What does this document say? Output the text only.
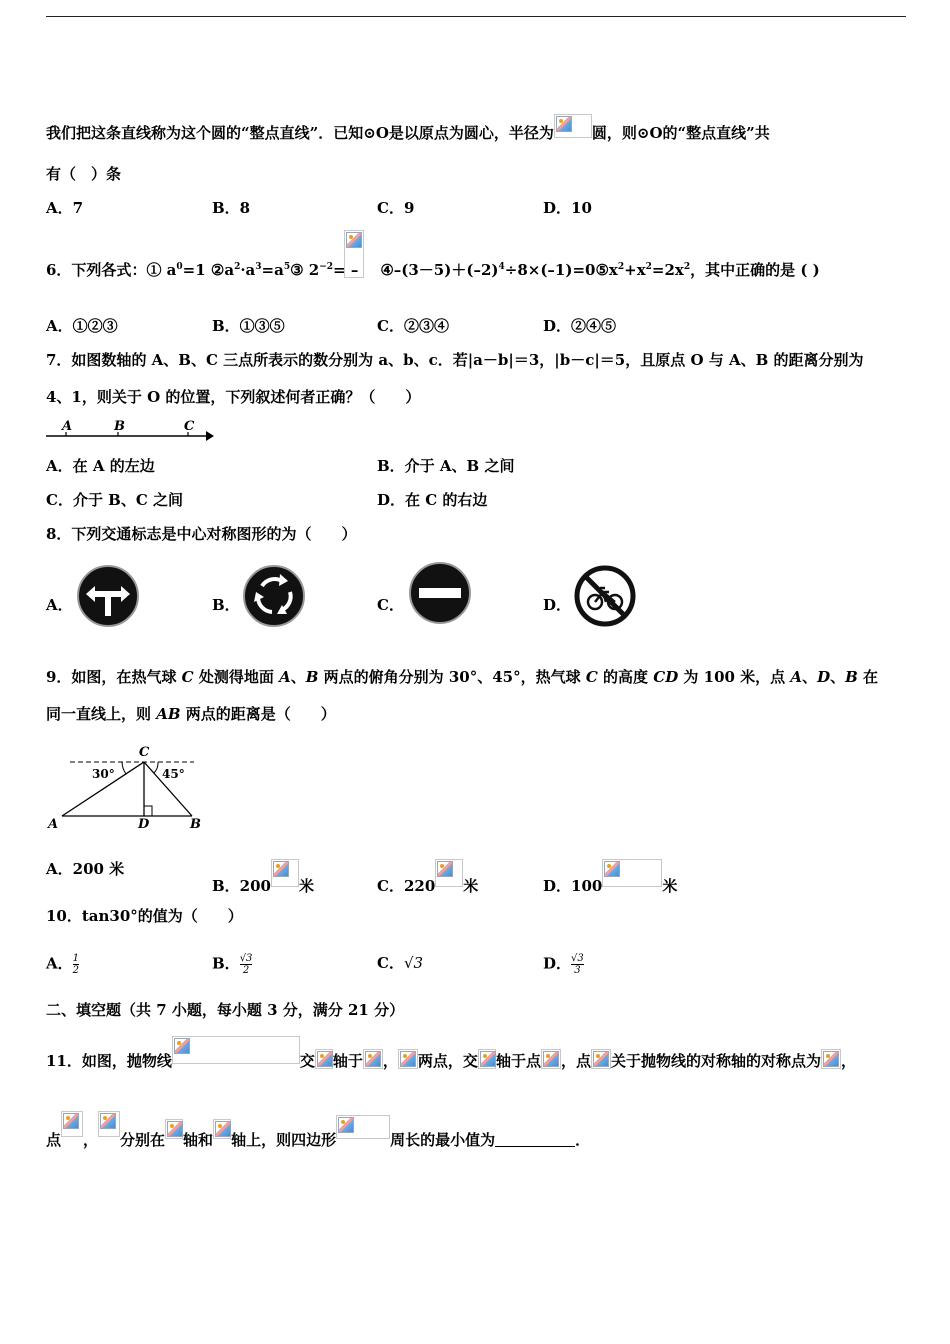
我们把这条直线称为这个圆的“整点直线”．已知⊙O是以原点为圆心，半径为	圆，则⊙O的“整点直线”共
有（　）条
A．7	B．8	C．9	D．10
6．下列各式：① $a^0=1$ $②a^2\cdot a^3=a^5③$ $2^{-2}=$ – $④-(3-5)+(-2)^4\div 8\times(-1)=0⑤x^2+x^2=2x^2$，其中正确的是 ( )
A．①②③	B．①③⑤	C．②③④	D．②④⑤
7．如图数轴的 A、B、C 三点所表示的数分别为 a、b、c．若|a－b|＝3，|b－c|＝5，且原点 O 与 A、B 的距离分别为
4、1，则关于 O 的位置，下列叙述何者正确？（　　）
A	B	C
A．在 A 的左边	B．介于 A、B 之间
C．介于 B、C 之间	D．在 C 的右边
8．下列交通标志是中心对称图形的为（　　）
A．	B．	C．	D．
9．如图，在热气球 C 处测得地面 A、B 两点的俯角分别为 30°、45°，热气球 C 的高度 CD 为 100 米，点 A、D、B 在
同一直线上，则 AB 两点的距离是（　　）
C
30°	45°
A	D	B
A．200 米
B．200 米	C．220 米	D．100	米
10．tan30°的值为（　　）
A． $\frac{1}{2}$	B． $\frac{√3}{2}$	C．√3	D． $\frac{√3}{3}$
二、填空题（共 7 小题，每小题 3 分，满分 21 分）
11．如图，抛物线	交 轴于 ， 两点，交 轴于点 ，点 关于抛物线的对称轴的对称点为 ，
点 ， 分别在 轴和 轴上，则四边形	周长的最小值为	．
